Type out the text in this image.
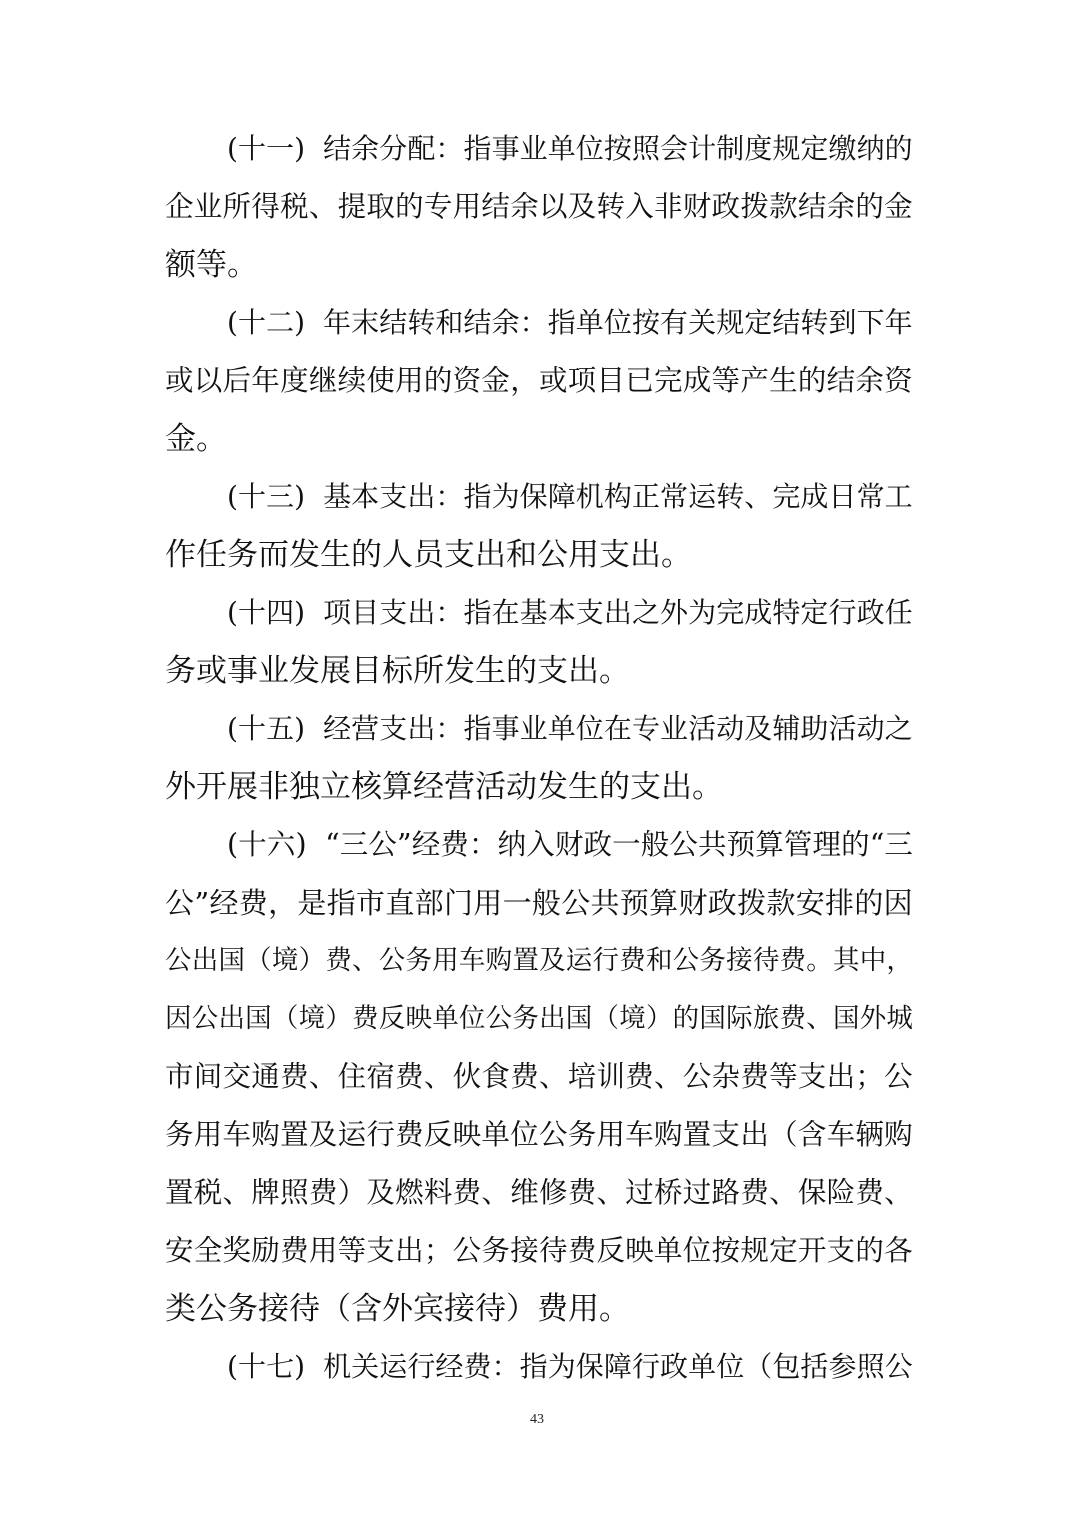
( 十 一 )

结 余 分 配 ： 指 事 业 单 位 按 照 会 计 制 度 规 定 缴 纳 的
企 业 所 得 税 、 提 取 的 专 用 结 余 以 及 转 入 非 财 政 拨 款 结 余 的 金
额等。
( 十 二 )

年 末 结 转 和 结 余 ： 指 单 位 按 有 关 规 定 结 转 到 下 年
或 以 后 年 度 继 续 使 用 的 资 金 ， 或 项 目 已 完 成 等 产 生 的 结 余 资
金。
( 十 三 )

基 本 支 出 ： 指 为 保 障 机 构 正 常 运 转 、 完 成 日 常 工
作任务而发生的人员支出和公用支出。
( 十 四 )

项 目 支 出 ： 指 在 基 本 支 出 之 外 为 完 成 特 定 行 政 任
务或事业发展目标所发生的支出。
( 十 五 )

经 营 支 出 ： 指 事 业 单 位 在 专 业 活 动 及 辅 助 活 动 之
外开展非独立核算经营活动发生的支出。
( 十 六 )

“ 三 公 ” 经 费 ： 纳 入 财 政 一 般 公 共 预 算 管 理 的 “ 三
公 ” 经 费 ， 是 指 市 直 部 门 用 一 般 公 共 预 算 财 政 拨 款 安 排 的 因
公 出 国 （ 境 ） 费 、 公 务 用 车 购 置 及 运 行 费 和 公 务 接 待 费 。 其 中 ，
因 公 出 国 （ 境 ） 费 反 映 单 位 公 务 出 国 （ 境 ） 的 国 际 旅 费 、 国 外 城
市 间 交 通 费 、 住 宿 费 、 伙 食 费 、 培 训 费 、 公 杂 费 等 支 出 ； 公
务 用 车 购 置 及 运 行 费 反 映 单 位 公 务 用 车 购 置 支 出 （ 含 车 辆 购
置 税 、 牌 照 费 ） 及 燃 料 费 、 维 修 费 、 过 桥 过 路 费 、 保 险 费 、
安 全 奖 励 费 用 等 支 出 ； 公 务 接 待 费 反 映 单 位 按 规 定 开 支 的 各
类公务接待（含外宾接待）费用。
( 十 七 )

机 关 运 行 经 费 ： 指 为 保 障 行 政 单 位 （ 包 括 参 照 公
43
